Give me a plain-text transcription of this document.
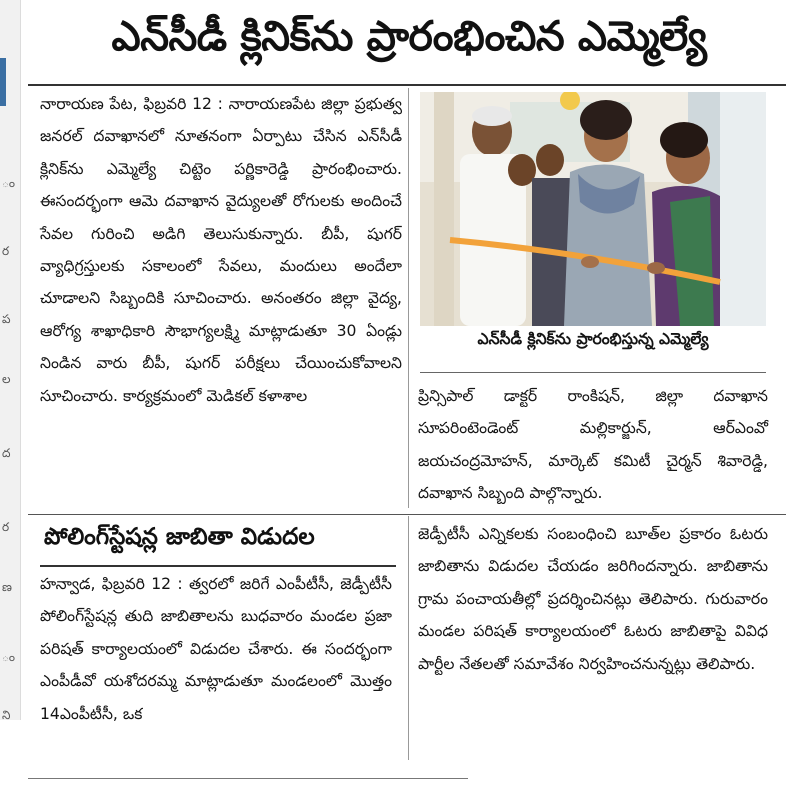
ం
ర
ప
ల
ద
ర
ణ
ం
ని
ఎన్‌సీడీ క్లినిక్‌ను ప్రారంభించిన ఎమ్మెల్యే

నారాయణ పేట, ఫిబ్రవరి 12 : నారాయణపేట జిల్లా ప్రభుత్వ జనరల్ దవాఖానలో నూతనంగా ఏర్పాటు చేసిన ఎన్‌సీడీ క్లినిక్‌ను ఎమ్మెల్యే చిట్టెం పర్ణికారెడ్డి ప్రారంభించారు. ఈసందర్భంగా ఆమె దవాఖాన వైద్యులతో రోగులకు అందించే సేవల గురించి అడిగి తెలుసుకున్నారు. బీపీ, షుగర్ వ్యాధిగ్రస్తులకు సకాలంలో సేవలు, మందులు అందేలా చూడాలని సిబ్బందికి సూచించారు. అనంతరం జిల్లా వైద్య, ఆరోగ్య శాఖాధికారి సౌభాగ్యలక్ష్మి మాట్లాడుతూ 30 ఏండ్లు నిండిన వారు బీపీ, షుగర్ పరీక్షలు చేయించుకోవాలని సూచించారు. కార్యక్రమంలో మెడికల్ కళాశాల

ఎన్‌సీడీ క్లినిక్‌ను ప్రారంభిస్తున్న ఎమ్మెల్యే

ప్రిన్సిపాల్ డాక్టర్ రాంకిషన్, జిల్లా దవాఖాన సూపరింటెండెంట్ మల్లికార్జున్, ఆర్‌ఎంవో జయచంద్రమోహన్, మార్కెట్ కమిటీ చైర్మన్ శివారెడ్డి, దవాఖాన సిబ్బంది పాల్గొన్నారు.

పోలింగ్‌స్టేషన్ల జాబితా విడుదల

హన్వాడ, ఫిబ్రవరి 12 : త్వరలో జరిగే ఎంపీటీసీ, జెడ్పీటీసీ పోలింగ్‌స్టేషన్ల తుది జాబితాలను బుధవారం మండల ప్రజా పరిషత్ కార్యాలయంలో విడుదల చేశారు. ఈ సందర్భంగా ఎంపీడీవో యశోదరమ్మ మాట్లాడుతూ మండలంలో మొత్తం 14ఎంపీటీసీ, ఒక

జెడ్పీటీసీ ఎన్నికలకు సంబంధించి బూత్‌ల ప్రకారం ఓటరు జాబితాను విడుదల చేయడం జరిగిందన్నారు. జాబితాను గ్రామ పంచాయతీల్లో ప్రదర్శించినట్లు తెలిపారు. గురువారం మండల పరిషత్ కార్యాలయంలో ఓటరు జాబితాపై వివిధ పార్టీల నేతలతో సమావేశం నిర్వహించనున్నట్లు తెలిపారు.
